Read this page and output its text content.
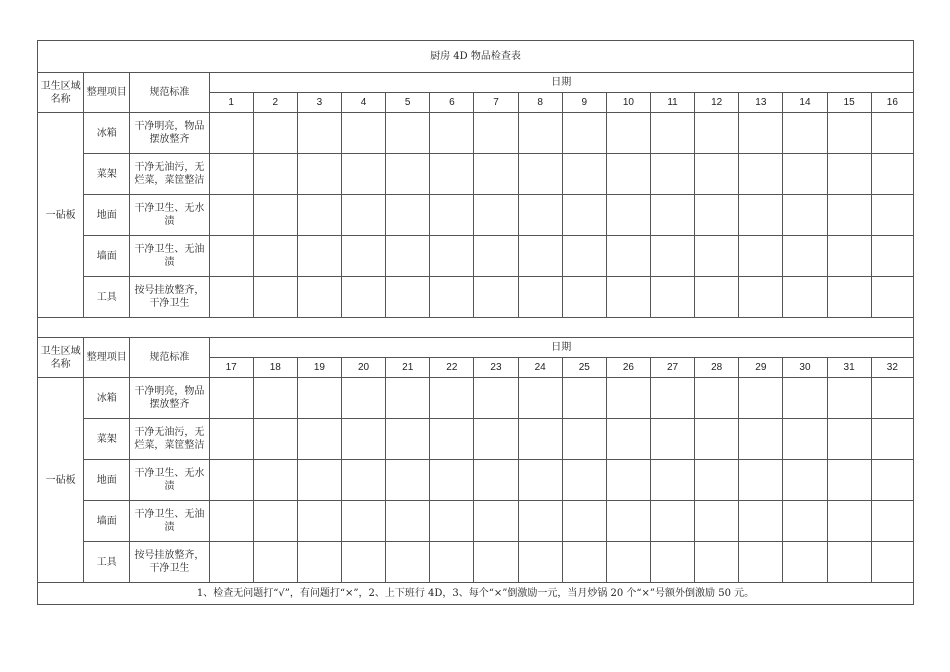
厨房 4D 物品检查表																		
卫生区域名称	整理项目	规范标准	日期															
			1	2	3	4	5	6	7	8	9	10	11	12	13	14	15	16
一砧板	冰箱	干净明亮，物品摆放整齐																
	菜架	干净无油污，无烂菜，菜筐整洁																
	地面	干净卫生、无水渍																
	墙面	干净卫生、无油渍																
	工具	按号挂放整齐，干净卫生																

卫生区域名称	整理项目	规范标准	日期															
			17	18	19	20	21	22	23	24	25	26	27	28	29	30	31	32
一砧板	冰箱	干净明亮，物品摆放整齐																
	菜架	干净无油污，无烂菜，菜筐整洁																
	地面	干净卫生、无水渍																
	墙面	干净卫生、无油渍																
	工具	按号挂放整齐，干净卫生																
1、检查无问题打“√”，有问题打“×”，2、上下班行 4D，3、每个“×”倒激励一元，当月炒锅 20 个“×”号额外倒激励 50 元。																		
